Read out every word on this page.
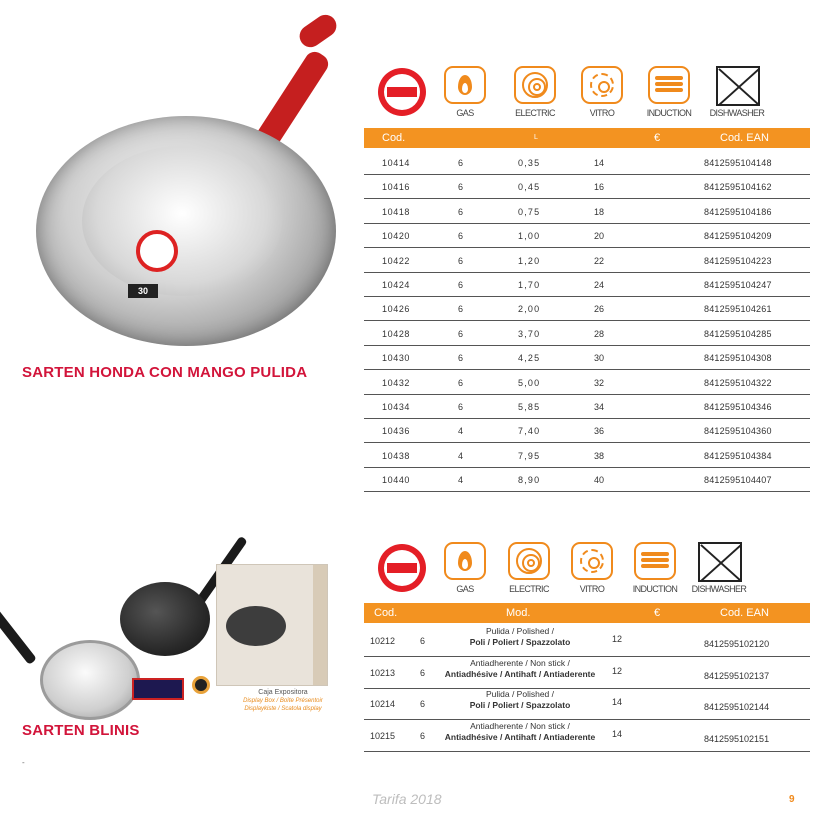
30
SARTEN HONDA CON MANGO PULIDA
GAS	ELECTRIC	VITRO	INDUCTION	DISHWASHER
Cod.	L	€	Cod. EAN
10414	6	0,35	14	8412595104148
10416	6	0,45	16	8412595104162
10418	6	0,75	18	8412595104186
10420	6	1,00	20	8412595104209
10422	6	1,20	22	8412595104223
10424	6	1,70	24	8412595104247
10426	6	2,00	26	8412595104261
10428	6	3,70	28	8412595104285
10430	6	4,25	30	8412595104308
10432	6	5,00	32	8412595104322
10434	6	5,85	34	8412595104346
10436	4	7,40	36	8412595104360
10438	4	7,95	38	8412595104384
10440	4	8,90	40	8412595104407
Caja Expositora
Display Box / Boîte Présentoir Displaykiste / Scatola display
SARTEN BLINIS
-
GAS	ELECTRIC	VITRO	INDUCTION	DISHWASHER
Cod.	Mod.	€	Cod. EAN
10212	6
Pulida / Polished /
Poli / Poliert / Spazzolato	12	8412595102120
10213	6
Antiadherente / Non stick /
Antiadhésive / Antihaft / Antiaderente	12	8412595102137
10214	6
Pulida / Polished /
Poli / Poliert / Spazzolato	14	8412595102144
10215	6
Antiadherente / Non stick /
Antiadhésive / Antihaft / Antiaderente	14	8412595102151
Tarifa 2018	9
